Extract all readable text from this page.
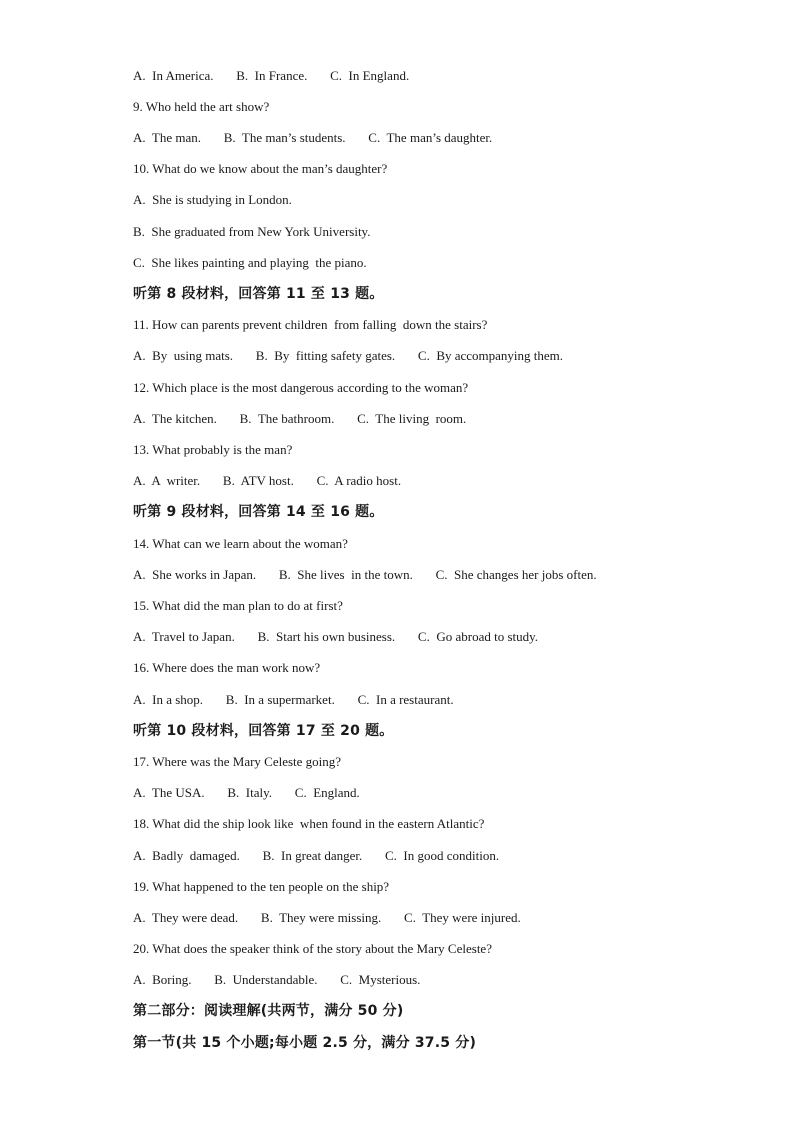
A.  In America.       B.  In France.       C.  In England.
9. Who held the art show?
A.  The man.       B.  The man’s students.       C.  The man’s daughter.
10. What do we know about the man’s daughter?
A.  She is studying in London.
B.  She graduated from New York University.
C.  She likes painting and playing  the piano.
听第 8 段材料，回答第 11 至 13 题。
11. How can parents prevent children  from falling  down the stairs?
A.  By  using mats.       B.  By  fitting safety gates.       C.  By accompanying them.
12. Which place is the most dangerous according to the woman?
A.  The kitchen.       B.  The bathroom.       C.  The living  room.
13. What probably is the man?
A.  A  writer.       B.  ATV host.       C.  A radio host.
听第 9 段材料，回答第 14 至 16 题。
14. What can we learn about the woman?
A.  She works in Japan.       B.  She lives  in the town.       C.  She changes her jobs often.
15. What did the man plan to do at first?
A.  Travel to Japan.       B.  Start his own business.       C.  Go abroad to study.
16. Where does the man work now?
A.  In a shop.       B.  In a supermarket.       C.  In a restaurant.
听第 10 段材料，回答第 17 至 20 题。
17. Where was the Mary Celeste going?
A.  The USA.       B.  Italy.       C.  England.
18. What did the ship look like  when found in the eastern Atlantic?
A.  Badly  damaged.       B.  In great danger.       C.  In good condition.
19. What happened to the ten people on the ship?
A.  They were dead.       B.  They were missing.       C.  They were injured.
20. What does the speaker think of the story about the Mary Celeste?
A.  Boring.       B.  Understandable.       C.  Mysterious.
第二部分：阅读理解(共两节，满分 50 分)
第一节(共 15 个小题;每小题 2.5 分，满分 37.5 分)
